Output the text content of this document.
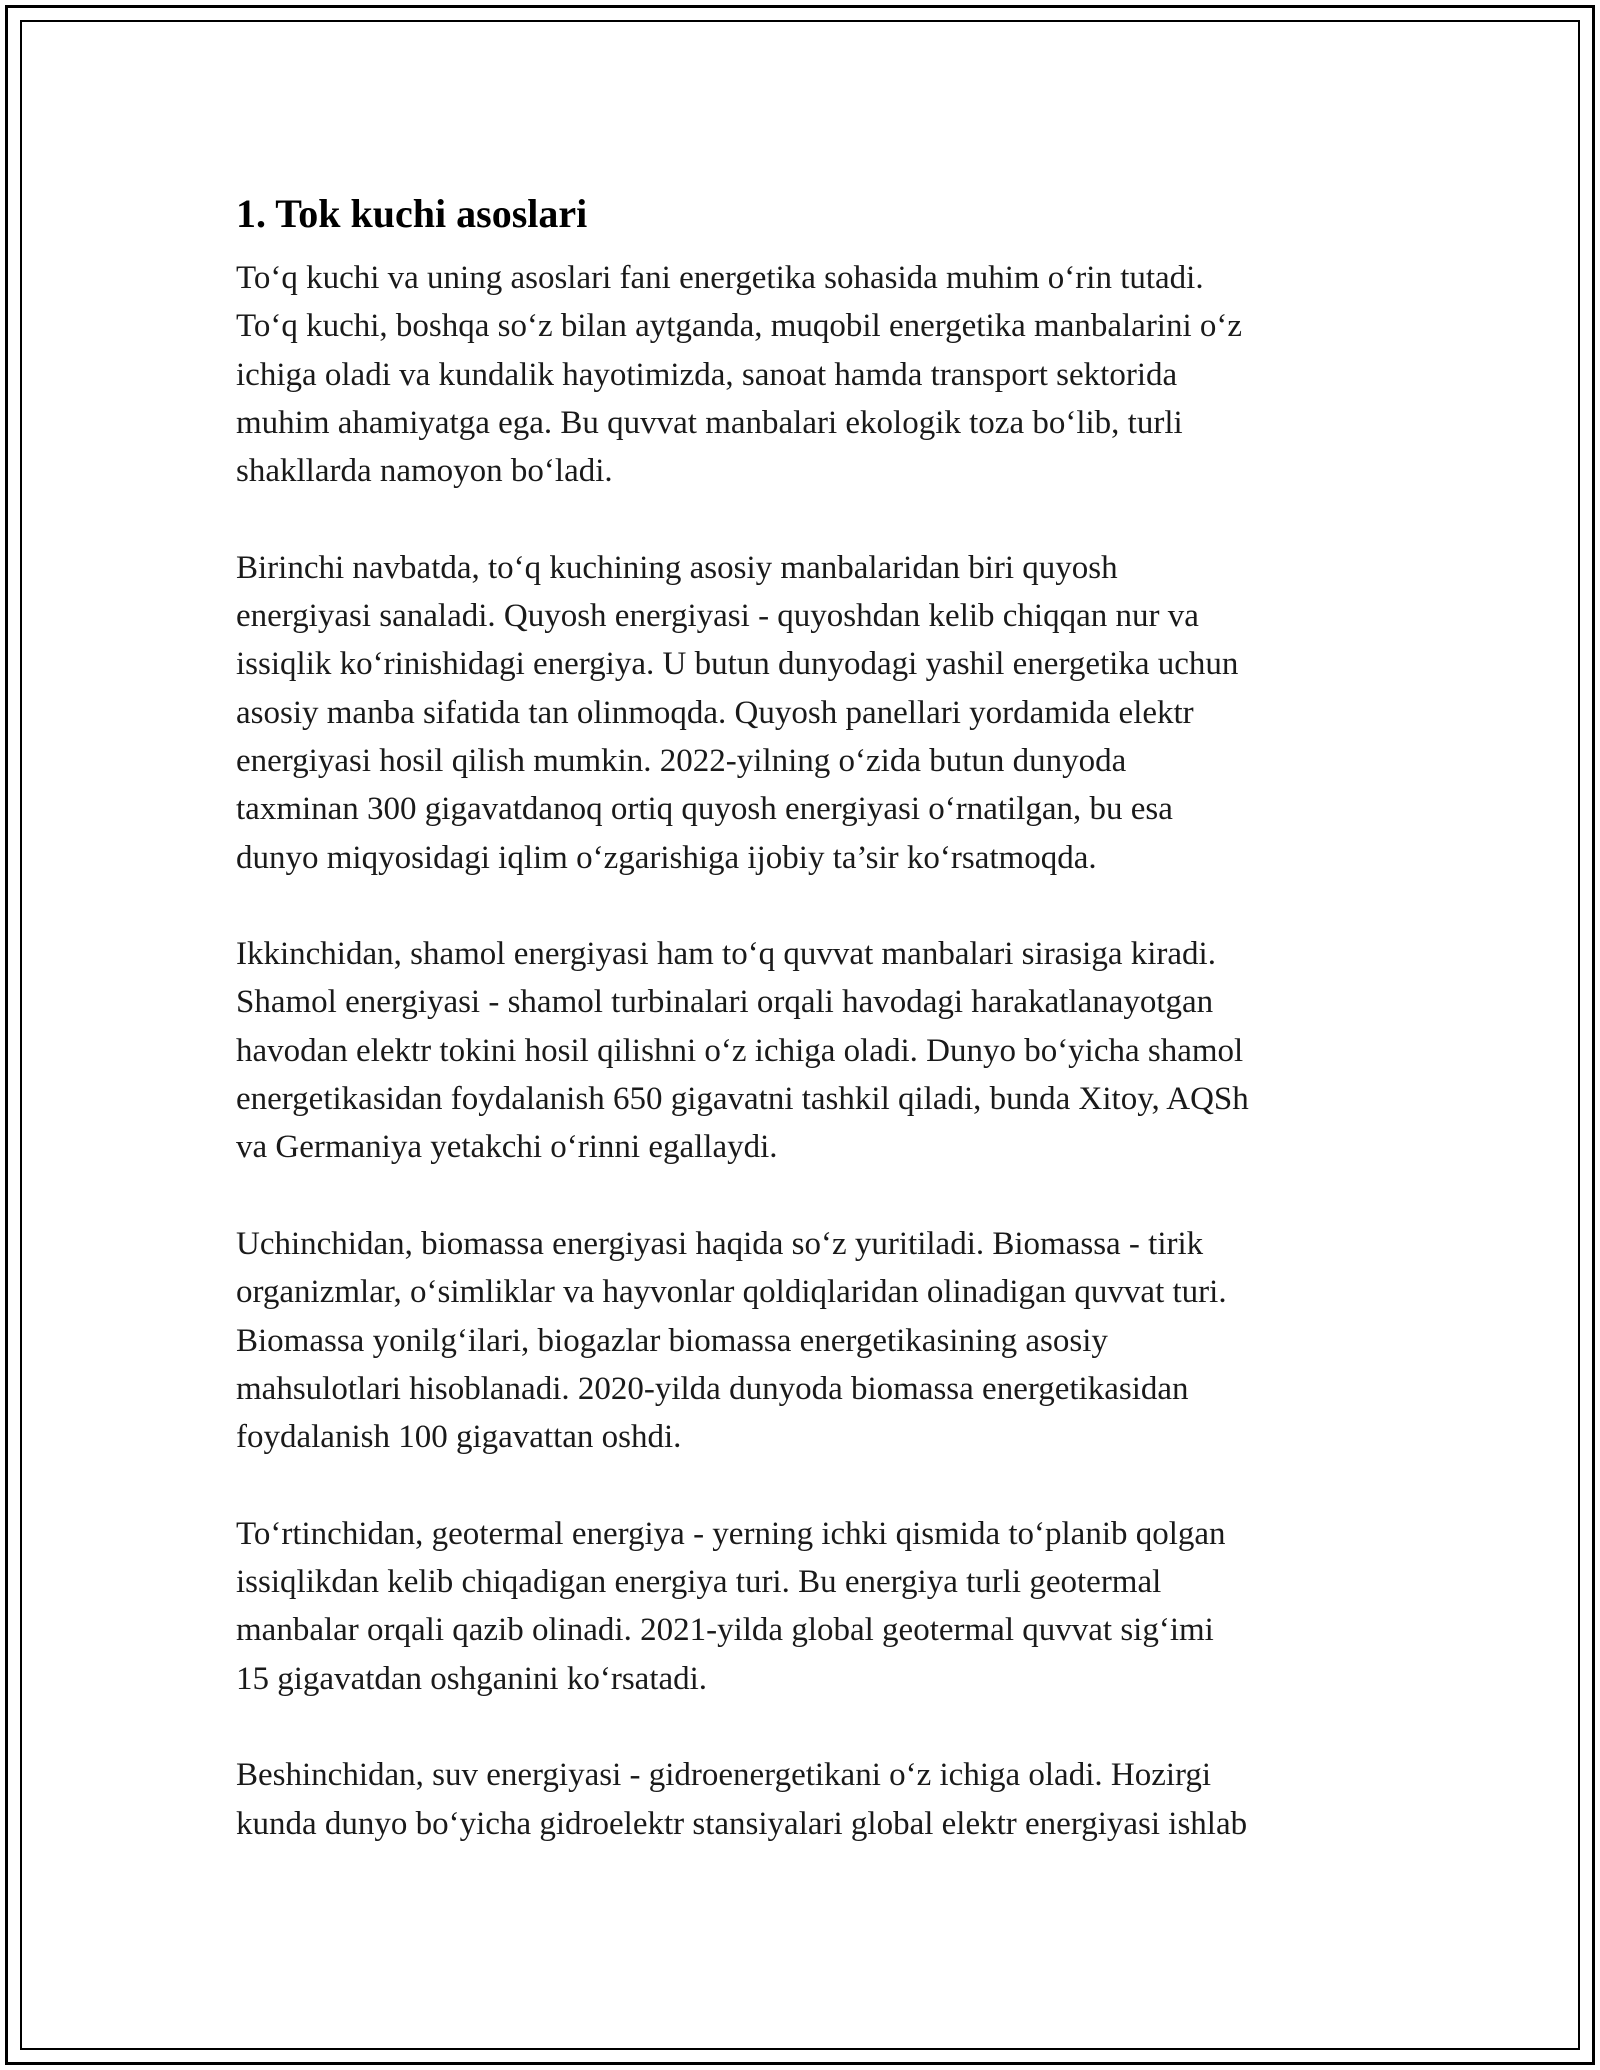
1. Tok kuchi asoslari

To‘q kuchi va uning asoslari fani energetika sohasida muhim o‘rin tutadi.
To‘q kuchi, boshqa so‘z bilan aytganda, muqobil energetika manbalarini o‘z
ichiga oladi va kundalik hayotimizda, sanoat hamda transport sektorida
muhim ahamiyatga ega. Bu quvvat manbalari ekologik toza bo‘lib, turli
shakllarda namoyon bo‘ladi.

Birinchi navbatda, to‘q kuchining asosiy manbalaridan biri quyosh
energiyasi sanaladi. Quyosh energiyasi - quyoshdan kelib chiqqan nur va
issiqlik ko‘rinishidagi energiya. U butun dunyodagi yashil energetika uchun
asosiy manba sifatida tan olinmoqda. Quyosh panellari yordamida elektr
energiyasi hosil qilish mumkin. 2022-yilning o‘zida butun dunyoda
taxminan 300 gigavatdanoq ortiq quyosh energiyasi o‘rnatilgan, bu esa
dunyo miqyosidagi iqlim o‘zgarishiga ijobiy ta’sir ko‘rsatmoqda.

Ikkinchidan, shamol energiyasi ham to‘q quvvat manbalari sirasiga kiradi.
Shamol energiyasi - shamol turbinalari orqali havodagi harakatlanayotgan
havodan elektr tokini hosil qilishni o‘z ichiga oladi. Dunyo bo‘yicha shamol
energetikasidan foydalanish 650 gigavatni tashkil qiladi, bunda Xitoy, AQSh
va Germaniya yetakchi o‘rinni egallaydi.

Uchinchidan, biomassa energiyasi haqida so‘z yuritiladi. Biomassa - tirik
organizmlar, o‘simliklar va hayvonlar qoldiqlaridan olinadigan quvvat turi.
Biomassa yonilg‘ilari, biogazlar biomassa energetikasining asosiy
mahsulotlari hisoblanadi. 2020-yilda dunyoda biomassa energetikasidan
foydalanish 100 gigavattan oshdi.

To‘rtinchidan, geotermal energiya - yerning ichki qismida to‘planib qolgan
issiqlikdan kelib chiqadigan energiya turi. Bu energiya turli geotermal
manbalar orqali qazib olinadi. 2021-yilda global geotermal quvvat sig‘imi
15 gigavatdan oshganini ko‘rsatadi.

Beshinchidan, suv energiyasi - gidroenergetikani o‘z ichiga oladi. Hozirgi
kunda dunyo bo‘yicha gidroelektr stansiyalari global elektr energiyasi ishlab
